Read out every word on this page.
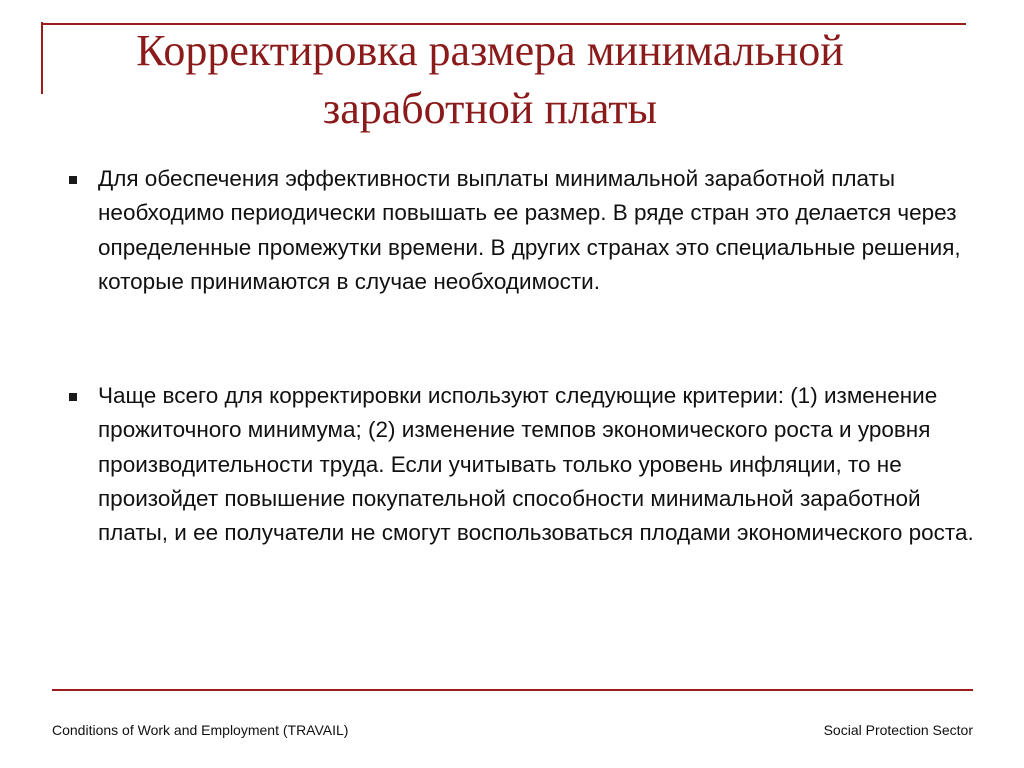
Корректировка размера минимальной заработной платы
Для обеспечения эффективности выплаты минимальной заработной платы необходимо периодически повышать ее размер. В ряде стран это делается через определенные промежутки времени. В других странах это специальные решения, которые принимаются в случае необходимости.
Чаще всего для корректировки используют следующие критерии: (1) изменение прожиточного минимума; (2) изменение темпов экономического роста и уровня производительности труда. Если учитывать только уровень инфляции, то не произойдет повышение покупательной способности минимальной заработной платы, и ее получатели не смогут воспользоваться плодами экономического роста.
Conditions of Work and Employment (TRAVAIL)	Social Protection Sector
